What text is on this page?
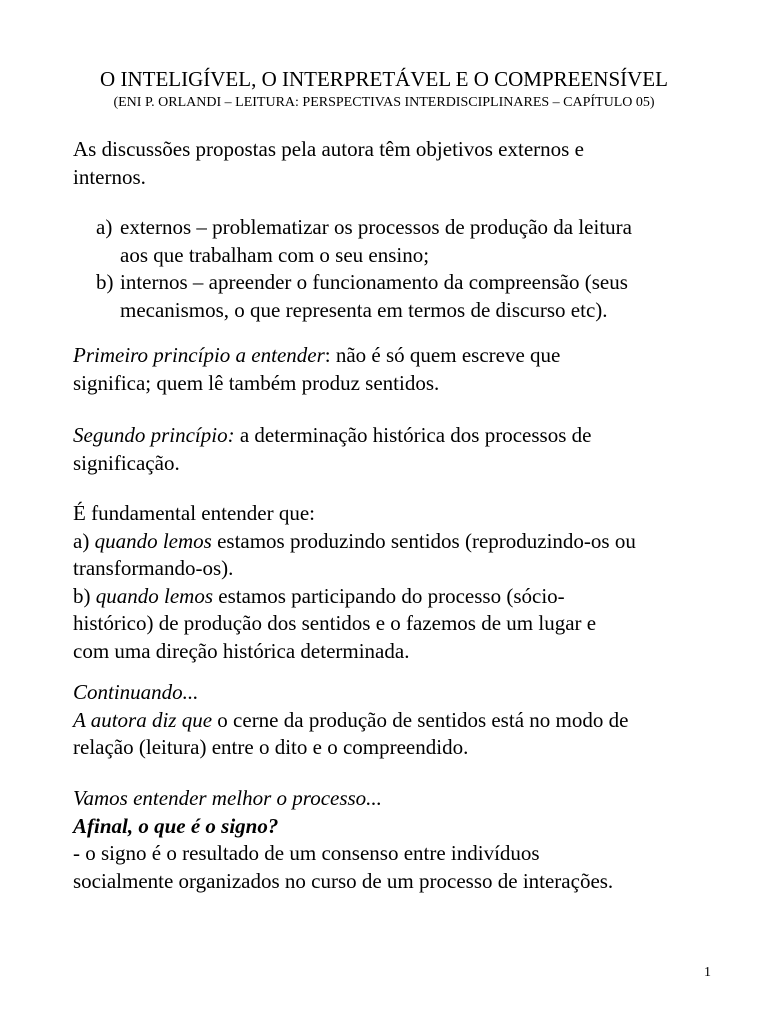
O INTELIGÍVEL, O INTERPRETÁVEL E O COMPREENSÍVEL
(ENI P. ORLANDI – LEITURA: PERSPECTIVAS INTERDISCIPLINARES – CAPÍTULO 05)
As discussões propostas pela autora têm objetivos externos e
internos.
a) externos – problematizar os processos de produção da leitura
aos que trabalham com o seu ensino;
b) internos – apreender o funcionamento da compreensão (seus
mecanismos, o que representa em termos de discurso etc).
Primeiro princípio a entender: não é só quem escreve que
significa; quem lê também produz sentidos.
Segundo princípio: a determinação histórica dos processos de
significação.
É fundamental entender que:
a) quando lemos estamos produzindo sentidos (reproduzindo-os ou
transformando-os).
b) quando lemos estamos participando do processo (sócio-
histórico) de produção dos sentidos e o fazemos de um lugar e
com uma direção histórica determinada.
Continuando...
A autora diz que o cerne da produção de sentidos está no modo de
relação (leitura) entre o dito e o compreendido.
Vamos entender melhor o processo...
Afinal, o que é o signo?
- o signo é o resultado de um consenso entre indivíduos
socialmente organizados no curso de um processo de interações.
1
